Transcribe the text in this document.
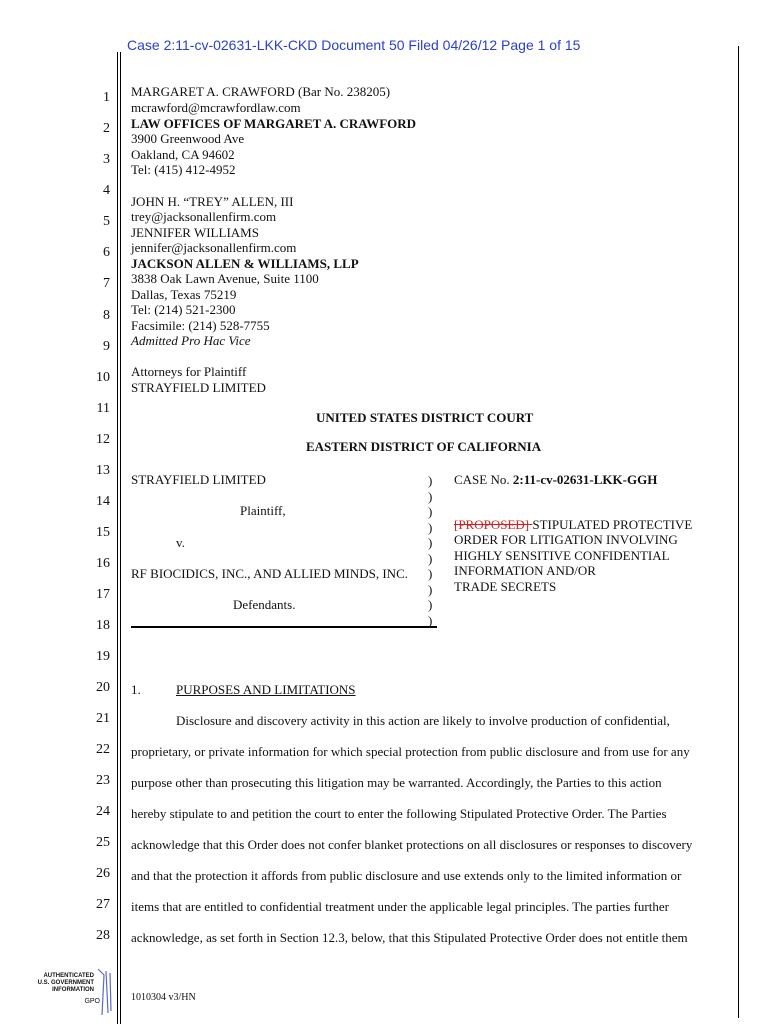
Case 2:11-cv-02631-LKK-CKD Document 50 Filed 04/26/12 Page 1 of 15
1
2
3
4
5
6
7
8
9
10
11
12
13
14
15
16
17
18
19
20
21
22
23
24
25
26
27
28
MARGARET A. CRAWFORD (Bar No. 238205)
mcrawford@mcrawfordlaw.com
LAW OFFICES OF MARGARET A. CRAWFORD
3900 Greenwood Ave
Oakland, CA 94602
Tel: (415) 412-4952
JOHN H. “TREY” ALLEN, III
trey@jacksonallenfirm.com
JENNIFER WILLIAMS
jennifer@jacksonallenfirm.com
JACKSON ALLEN & WILLIAMS, LLP
3838 Oak Lawn Avenue, Suite 1100
Dallas, Texas 75219
Tel: (214) 521-2300
Facsimile: (214) 528-7755
Admitted Pro Hac Vice
Attorneys for Plaintiff
STRAYFIELD LIMITED
UNITED STATES DISTRICT COURT
EASTERN DISTRICT OF CALIFORNIA
STRAYFIELD LIMITED
Plaintiff,
v.
RF BIOCIDICS, INC., AND ALLIED MINDS, INC.
Defendants.
)
)
)
)
)
)
)
)
)
)
CASE No. 2:11-cv-02631-LKK-GGH
[PROPOSED] STIPULATED PROTECTIVE
ORDER FOR LITIGATION INVOLVING
HIGHLY SENSITIVE CONFIDENTIAL
INFORMATION AND/OR
TRADE SECRETS
1.	PURPOSES AND LIMITATIONS
Disclosure and discovery activity in this action are likely to involve production of confidential,
proprietary, or private information for which special protection from public disclosure and from use for any
purpose other than prosecuting this litigation may be warranted. Accordingly, the Parties to this action
hereby stipulate to and petition the court to enter the following Stipulated Protective Order. The Parties
acknowledge that this Order does not confer blanket protections on all disclosures or responses to discovery
and that the protection it affords from public disclosure and use extends only to the limited information or
items that are entitled to confidential treatment under the applicable legal principles. The parties further
acknowledge, as set forth in Section 12.3, below, that this Stipulated Protective Order does not entitle them
1010304 v3/HN
AUTHENTICATED
U.S. GOVERNMENT
INFORMATION
GPO
